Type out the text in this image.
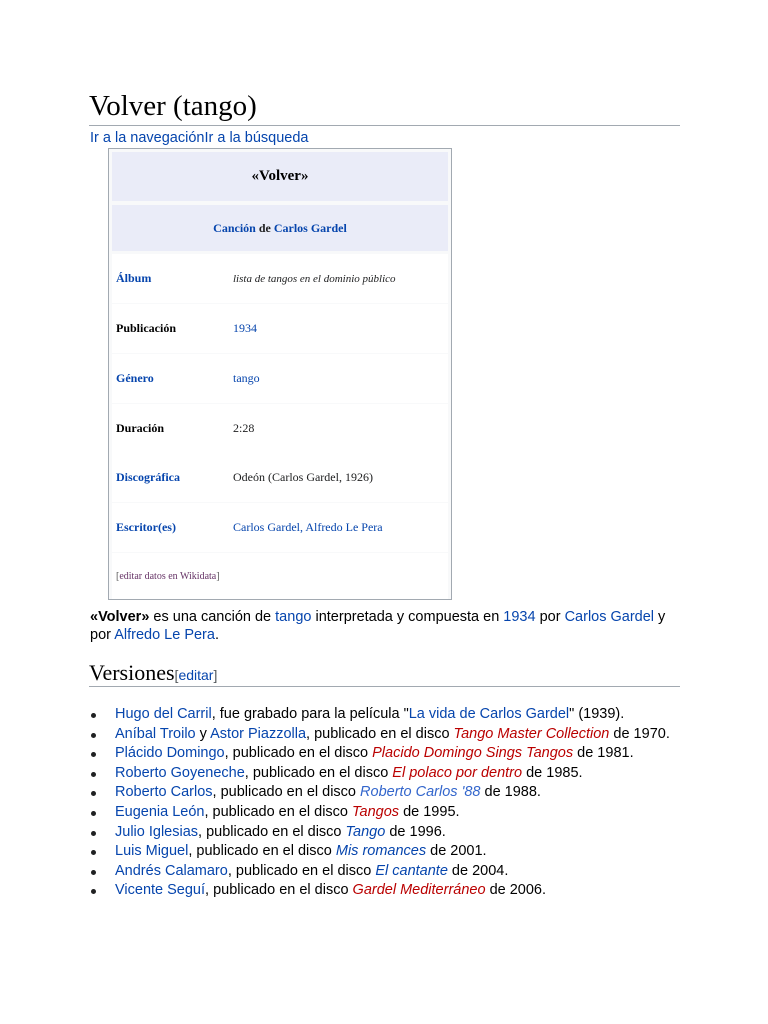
Volver (tango)
Ir a la navegaciónIr a la búsqueda
«Volver»
Canción de Carlos Gardel
Álbum	lista de tangos en el dominio público
Publicación	1934
Género	tango
Duración	2:28
Discográfica	Odeón (Carlos Gardel, 1926)
Escritor(es)	Carlos Gardel, Alfredo Le Pera
[ editar datos en Wikidata ]

«Volver» es una canción de tango interpretada y compuesta en 1934 por Carlos Gardel y por Alfredo Le Pera.

Versiones[editar]
Hugo del Carril, fue grabado para la película "La vida de Carlos Gardel" (1939).
Aníbal Troilo y Astor Piazzolla, publicado en el disco Tango Master Collection de 1970.
Plácido Domingo, publicado en el disco Placido Domingo Sings Tangos de 1981.
Roberto Goyeneche, publicado en el disco El polaco por dentro de 1985.
Roberto Carlos, publicado en el disco Roberto Carlos '88 de 1988.
Eugenia León, publicado en el disco Tangos de 1995.
Julio Iglesias, publicado en el disco Tango de 1996.
Luis Miguel, publicado en el disco Mis romances de 2001.
Andrés Calamaro, publicado en el disco El cantante de 2004.
Vicente Seguí, publicado en el disco Gardel Mediterráneo de 2006.
